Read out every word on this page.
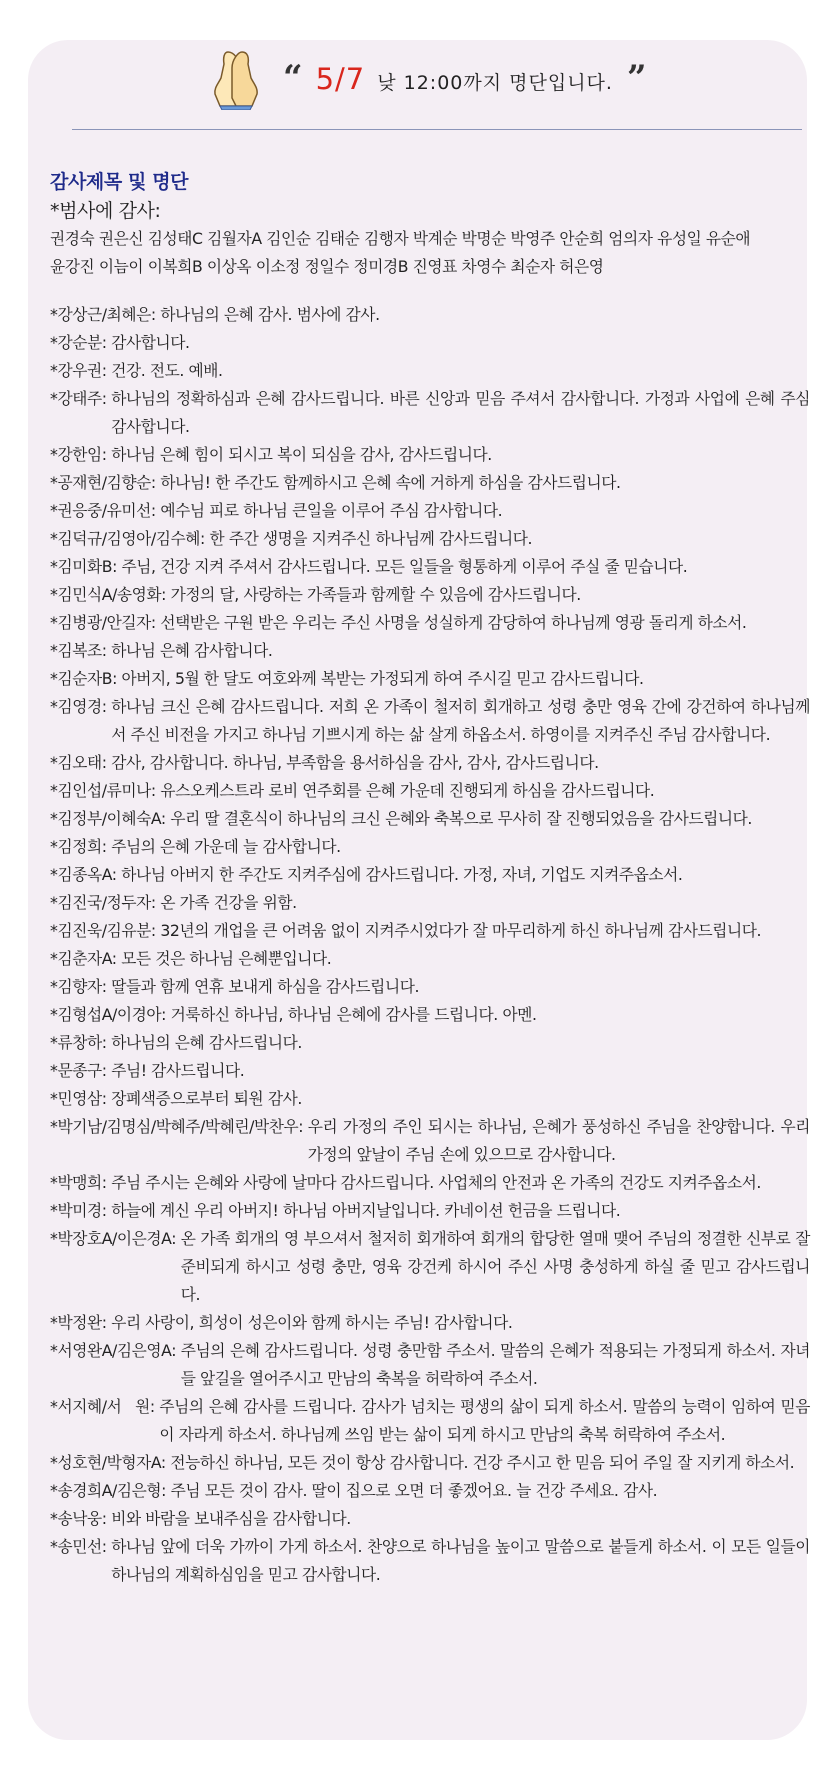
“ 5/7 낮 12:00까지 명단입니다. ”
감사제목 및 명단
*범사에 감사:
권경숙 권은신 김성태C 김월자A 김인순 김태순 김행자 박계순 박명순 박영주 안순희 엄의자 유성일 유순애
윤강진 이늠이 이복희B 이상옥 이소정 정일수 정미경B 진영표 차영수 최순자 허은영
*강상근/최혜은: 하나님의 은혜 감사. 범사에 감사.
*강순분: 감사합니다.
*강우권: 건강. 전도. 예배.
*강태주: 하나님의 정확하심과 은혜 감사드립니다. 바른 신앙과 믿음 주셔서 감사합니다. 가정과 사업에 은혜 주심 감사합니다.
*강한임: 하나님 은혜 힘이 되시고 복이 되심을 감사, 감사드립니다.
*공재현/김향순: 하나님! 한 주간도 함께하시고 은혜 속에 거하게 하심을 감사드립니다.
*권응중/유미선: 예수님 피로 하나님 큰일을 이루어 주심 감사합니다.
*김덕규/김영아/김수혜: 한 주간 생명을 지켜주신 하나님께 감사드립니다.
*김미화B: 주님, 건강 지켜 주셔서 감사드립니다. 모든 일들을 형통하게 이루어 주실 줄 믿습니다.
*김민식A/송영화: 가정의 달, 사랑하는 가족들과 함께할 수 있음에 감사드립니다.
*김병광/안길자: 선택받은 구원 받은 우리는 주신 사명을 성실하게 감당하여 하나님께 영광 돌리게 하소서.
*김복조: 하나님 은혜 감사합니다.
*김순자B: 아버지, 5월 한 달도 여호와께 복받는 가정되게 하여 주시길 믿고 감사드립니다.
*김영경: 하나님 크신 은혜 감사드립니다. 저희 온 가족이 철저히 회개하고 성령 충만 영육 간에 강건하여 하나님께서 주신 비전을 가지고 하나님 기쁘시게 하는 삶 살게 하옵소서. 하영이를 지켜주신 주님 감사합니다.
*김오태: 감사, 감사합니다. 하나님, 부족함을 용서하심을 감사, 감사, 감사드립니다.
*김인섭/류미나: 유스오케스트라 로비 연주회를 은혜 가운데 진행되게 하심을 감사드립니다.
*김정부/이혜숙A: 우리 딸 결혼식이 하나님의 크신 은혜와 축복으로 무사히 잘 진행되었음을 감사드립니다.
*김정희: 주님의 은혜 가운데 늘 감사합니다.
*김종옥A: 하나님 아버지 한 주간도 지켜주심에 감사드립니다. 가정, 자녀, 기업도 지켜주옵소서.
*김진국/정두자: 온 가족 건강을 위함.
*김진욱/김유분: 32년의 개업을 큰 어려움 없이 지켜주시었다가 잘 마무리하게 하신 하나님께 감사드립니다.
*김춘자A: 모든 것은 하나님 은혜뿐입니다.
*김향자: 딸들과 함께 연휴 보내게 하심을 감사드립니다.
*김형섭A/이경아: 거룩하신 하나님, 하나님 은혜에 감사를 드립니다. 아멘.
*류창하: 하나님의 은혜 감사드립니다.
*문종구: 주님! 감사드립니다.
*민영삼: 장폐색증으로부터 퇴원 감사.
*박기남/김명심/박혜주/박혜린/박찬우: 우리 가정의 주인 되시는 하나님, 은혜가 풍성하신 주님을 찬양합니다. 우리 가정의 앞날이 주님 손에 있으므로 감사합니다.
*박맹희: 주님 주시는 은혜와 사랑에 날마다 감사드립니다. 사업체의 안전과 온 가족의 건강도 지켜주옵소서.
*박미경: 하늘에 계신 우리 아버지! 하나님 아버지날입니다. 카네이션 헌금을 드립니다.
*박장호A/이은경A: 온 가족 회개의 영 부으셔서 철저히 회개하여 회개의 합당한 열매 맺어 주님의 정결한 신부로 잘 준비되게 하시고 성령 충만, 영육 강건케 하시어 주신 사명 충성하게 하실 줄 믿고 감사드립니다.
*박정완: 우리 사랑이, 희성이 성은이와 함께 하시는 주님! 감사합니다.
*서영완A/김은영A: 주님의 은혜 감사드립니다. 성령 충만함 주소서. 말씀의 은혜가 적용되는 가정되게 하소서. 자녀들 앞길을 열어주시고 만남의 축복을 허락하여 주소서.
*서지혜/서   원: 주님의 은혜 감사를 드립니다. 감사가 넘치는 평생의 삶이 되게 하소서. 말씀의 능력이 임하여 믿음이 자라게 하소서. 하나님께 쓰임 받는 삶이 되게 하시고 만남의 축복 허락하여 주소서.
*성호현/박형자A: 전능하신 하나님, 모든 것이 항상 감사합니다. 건강 주시고 한 믿음 되어 주일 잘 지키게 하소서.
*송경희A/김은형: 주님 모든 것이 감사. 딸이 집으로 오면 더 좋겠어요. 늘 건강 주세요. 감사.
*송낙웅: 비와 바람을 보내주심을 감사합니다.
*송민선: 하나님 앞에 더욱 가까이 가게 하소서. 찬양으로 하나님을 높이고 말씀으로 붙들게 하소서. 이 모든 일들이 하나님의 계획하심임을 믿고 감사합니다.
